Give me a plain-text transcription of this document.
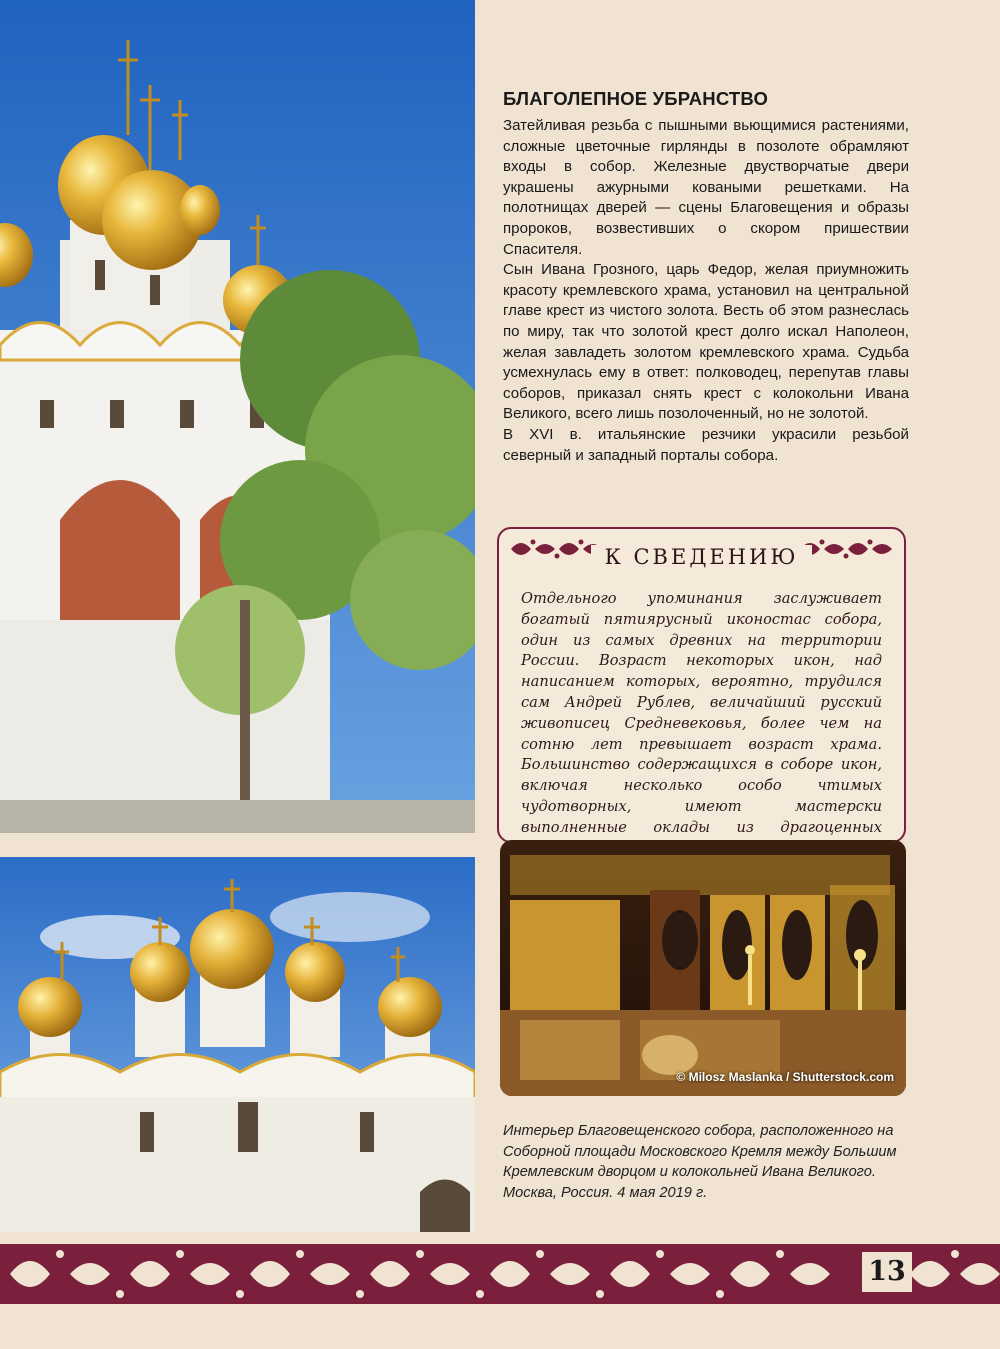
БЛАГОЛЕПНОЕ УБРАНСТВО

Затейливая резьба с пышными вьющимися растениями, сложные цветочные гирлянды в позолоте обрамляют входы в собор. Железные двустворчатые двери украшены ажурными коваными решетками. На полотнищах дверей — сцены Благовещения и образы пророков, возвестивших о скором пришествии Спасителя.

Сын Ивана Грозного, царь Федор, желая приумножить красоту кремлевского храма, установил на центральной главе крест из чистого золота. Весть об этом разнеслась по миру, так что золотой крест долго искал Наполеон, желая завладеть золотом кремлевского храма. Судьба усмехнулась ему в ответ: полководец, перепутав главы соборов, приказал снять крест с колокольни Ивана Великого, всего лишь позолоченный, но не золотой.

В XVI в. итальянские резчики украсили резьбой северный и западный порталы собора.

К СВЕДЕНИЮ
Отдельного упоминания заслуживает богатый пятиярусный иконостас собора, один из самых древних на территории России. Возраст некоторых икон, над написанием которых, вероятно, трудился сам Андрей Рублев, величайший русский живописец Средневековья, более чем на сотню лет превышает возраст храма. Большинство содержащихся в соборе икон, включая несколько особо чтимых чудотворных, имеют мастерски выполненные оклады из драгоценных
© Milosz Maslanka / Shutterstock.com
Интерьер Благовещенского собора, расположенного на Соборной площади Московского Кремля между Большим Кремлевским дворцом и колокольней Ивана Великого. Москва, Россия. 4 мая 2019 г.
13
